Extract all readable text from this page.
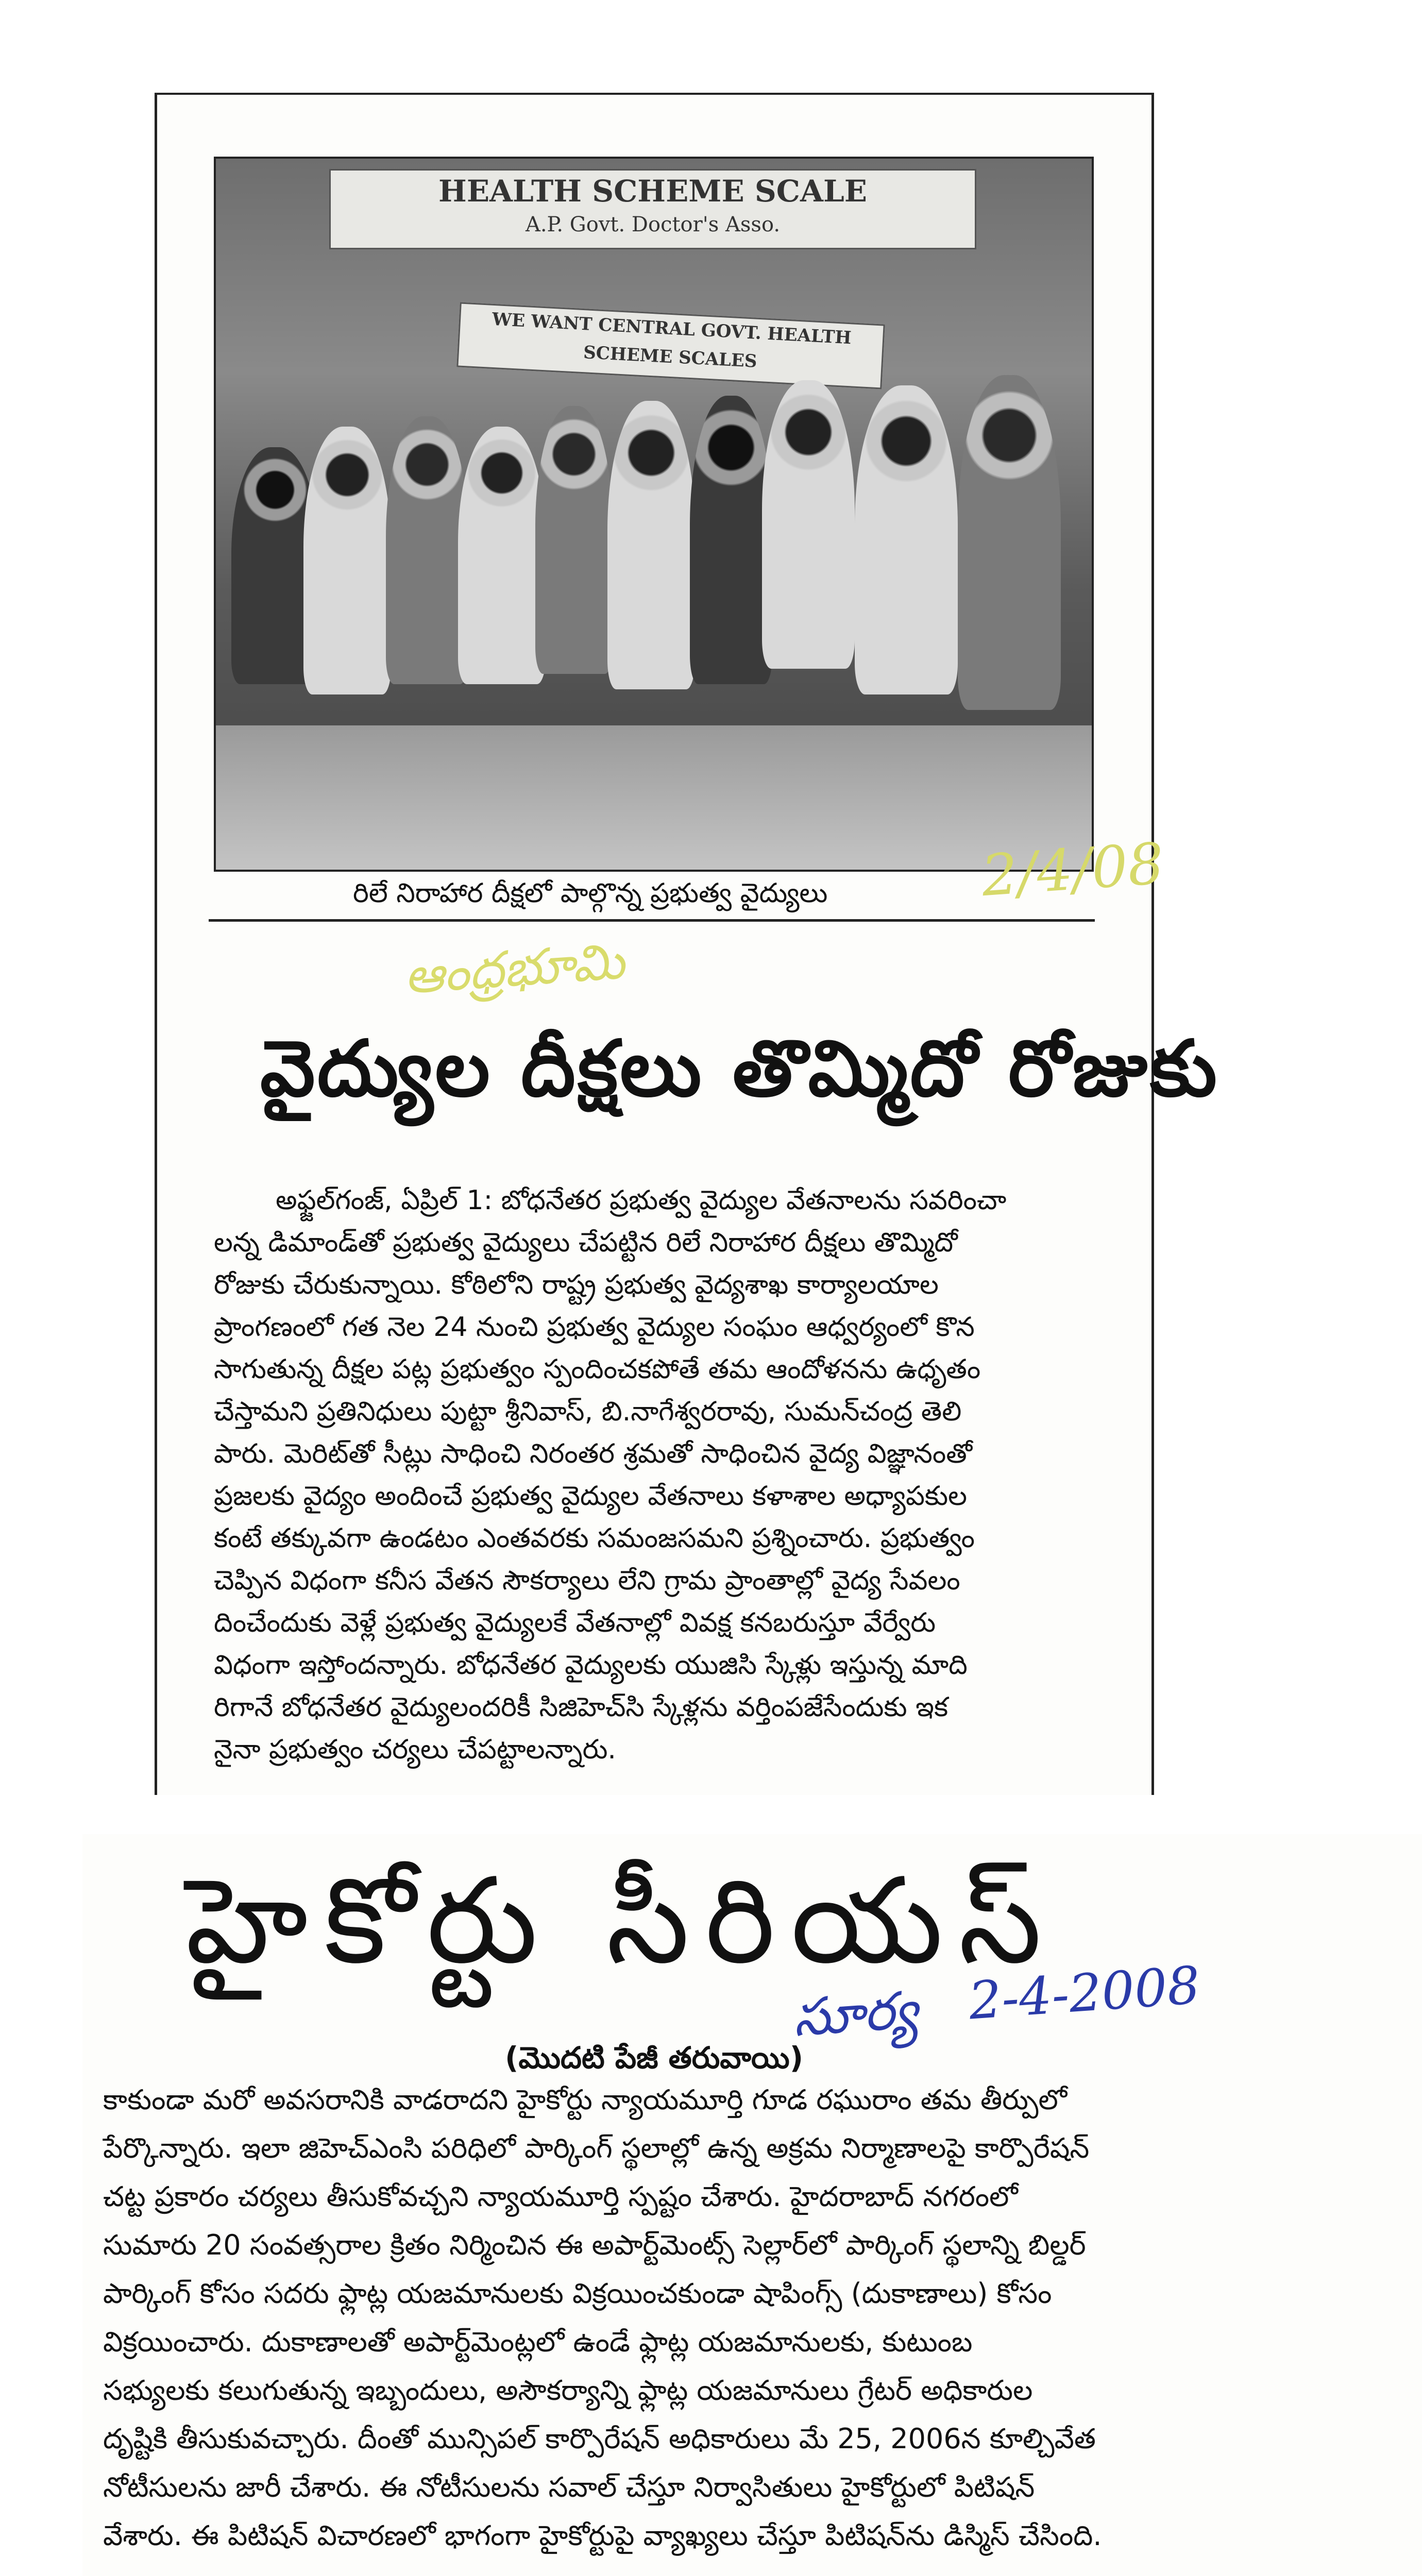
HEALTH SCHEME SCALE
A.P. Govt. Doctor's Asso.
WE WANT CENTRAL GOVT. HEALTH SCHEME SCALES
రిలే నిరాహార దీక్షలో పాల్గొన్న ప్రభుత్వ వైద్యులు	2/4/08
ఆంధ్రభూమి
వైద్యుల దీక్షలు తొమ్మిదో రోజుకు
అఫ్జల్‌గంజ్, ఏప్రిల్ 1: బోధనేతర ప్రభుత్వ వైద్యుల వేతనాలను సవరించా
లన్న డిమాండ్‌తో ప్రభుత్వ వైద్యులు చేపట్టిన రిలే నిరాహార దీక్షలు తొమ్మిదో
రోజుకు చేరుకున్నాయి. కోఠిలోని రాష్ట్ర ప్రభుత్వ వైద్యశాఖ కార్యాలయాల
ప్రాంగణంలో గత నెల 24 నుంచి ప్రభుత్వ వైద్యుల సంఘం ఆధ్వర్యంలో కొన
సాగుతున్న దీక్షల పట్ల ప్రభుత్వం స్పందించకపోతే తమ ఆందోళనను ఉధృతం
చేస్తామని ప్రతినిధులు పుట్టా శ్రీనివాస్, బి.నాగేశ్వరరావు, సుమన్‌చంద్ర తెలి
పారు. మెరిట్‌తో సీట్లు సాధించి నిరంతర శ్రమతో సాధించిన వైద్య విజ్ఞానంతో
ప్రజలకు వైద్యం అందించే ప్రభుత్వ వైద్యుల వేతనాలు కళాశాల అధ్యాపకుల
కంటే తక్కువగా ఉండటం ఎంతవరకు సమంజసమని ప్రశ్నించారు. ప్రభుత్వం
చెప్పిన విధంగా కనీస వేతన సౌకర్యాలు లేని గ్రామ ప్రాంతాల్లో వైద్య సేవలం
దించేందుకు వెళ్లే ప్రభుత్వ వైద్యులకే వేతనాల్లో వివక్ష కనబరుస్తూ వేర్వేరు
విధంగా ఇస్తోందన్నారు. బోధనేతర వైద్యులకు యుజిసి స్కేళ్లు ఇస్తున్న మాది
రిగానే బోధనేతర వైద్యులందరికీ సిజిహెచ్‌సి స్కేళ్లను వర్తింపజేసేందుకు ఇక
నైనా ప్రభుత్వం చర్యలు చేపట్టాలన్నారు.
హైకోర్టు సీరియస్
సూర్య 2-4-2008
(మొదటి పేజీ తరువాయి)
కాకుండా మరో అవసరానికి వాడరాదని హైకోర్టు న్యాయమూర్తి గూడ రఘురాం తమ తీర్పులో
పేర్కొన్నారు. ఇలా జిహెచ్‌ఎంసి పరిధిలో పార్కింగ్ స్థలాల్లో ఉన్న అక్రమ నిర్మాణాలపై కార్పొరేషన్
చట్ట ప్రకారం చర్యలు తీసుకోవచ్చని న్యాయమూర్తి స్పష్టం చేశారు. హైదరాబాద్ నగరంలో
సుమారు 20 సంవత్సరాల క్రితం నిర్మించిన ఈ అపార్ట్‌మెంట్స్ సెల్లార్‌లో పార్కింగ్ స్థలాన్ని బిల్డర్
పార్కింగ్ కోసం సదరు ఫ్లాట్ల యజమానులకు విక్రయించకుండా షాపింగ్స్ (దుకాణాలు) కోసం
విక్రయించారు. దుకాణాలతో అపార్ట్‌మెంట్లలో ఉండే ఫ్లాట్ల యజమానులకు, కుటుంబ
సభ్యులకు కలుగుతున్న ఇబ్బందులు, అసౌకర్యాన్ని ఫ్లాట్ల యజమానులు గ్రేటర్ అధికారుల
దృష్టికి తీసుకువచ్చారు. దీంతో మున్సిపల్ కార్పొరేషన్ అధికారులు మే 25, 2006న కూల్చివేత
నోటీసులను జారీ చేశారు. ఈ నోటీసులను సవాల్ చేస్తూ నిర్వాసితులు హైకోర్టులో పిటిషన్
వేశారు. ఈ పిటిషన్ విచారణలో భాగంగా హైకోర్టుపై వ్యాఖ్యలు చేస్తూ పిటిషన్‌ను డిస్మిస్ చేసింది.
